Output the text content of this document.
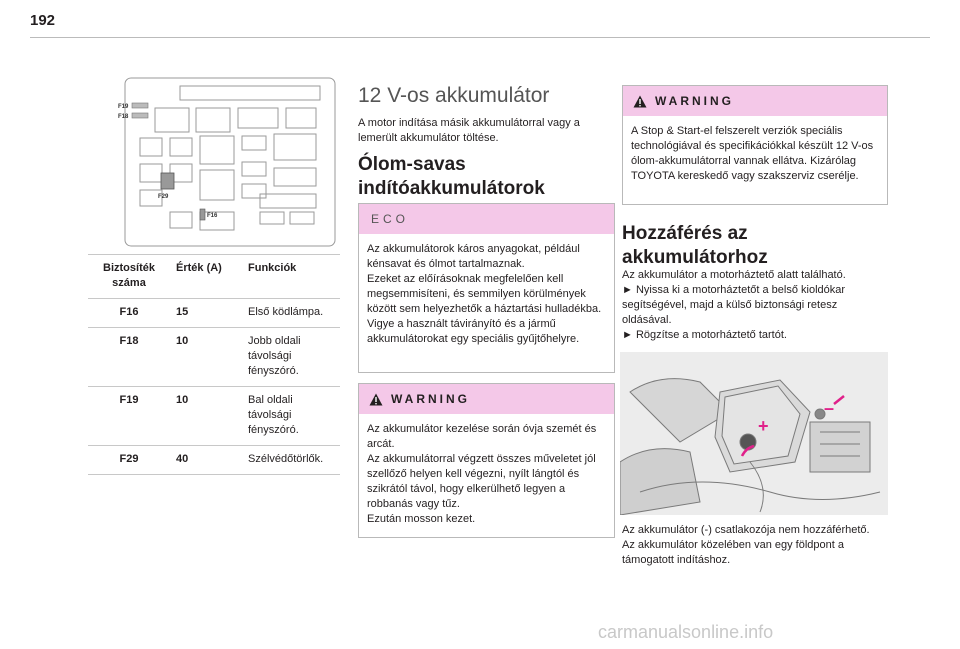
192
F19
F18
F29
F16
Biztosíték száma	Érték (A)	Funkciók
F16	15	Első ködlámpa.
F18	10	Jobb oldali távolsági fényszóró.
F19	10	Bal oldali távolsági fényszóró.
F29	40	Szélvédőtörlők.
12 V-os akkumulátor
A motor indítása másik akkumulátorral vagy a lemerült akkumulátor töltése.
Ólom-savas indítóakkumulátorok
ECO
Az akkumulátorok káros anyagokat, például kénsavat és ólmot tartalmaznak.
Ezeket az előírásoknak megfelelően kell megsemmisíteni, és semmilyen körülmények között sem helyezhetők a háztartási hulladékba.
Vigye a használt távirányító és a jármű akkumulátorokat egy speciális gyűjtőhelyre.
WARNING
Az akkumulátor kezelése során óvja szemét és arcát.
Az akkumulátorral végzett összes műveletet jól szellőző helyen kell végezni, nyílt lángtól és szikrától távol, hogy elkerülhető legyen a robbanás vagy tűz.
Ezután mosson kezet.
WARNING
A Stop & Start-el felszerelt verziók speciális technológiával és specifikációkkal készült 12 V-os ólom-akkumulátorral vannak ellátva. Kizárólag TOYOTA kereskedő vagy szakszerviz cserélje.
Hozzáférés az akkumulátorhoz
Az akkumulátor a motorháztető alatt található.
► Nyissa ki a motorháztetőt a belső kioldókar segítségével, majd a külső biztonsági retesz oldásával.
► Rögzítse a motorháztető tartót.
+
–
Az akkumulátor (-) csatlakozója nem hozzáférhető.
Az akkumulátor közelében van egy földpont a támogatott indításhoz.
carmanualsonline.info
